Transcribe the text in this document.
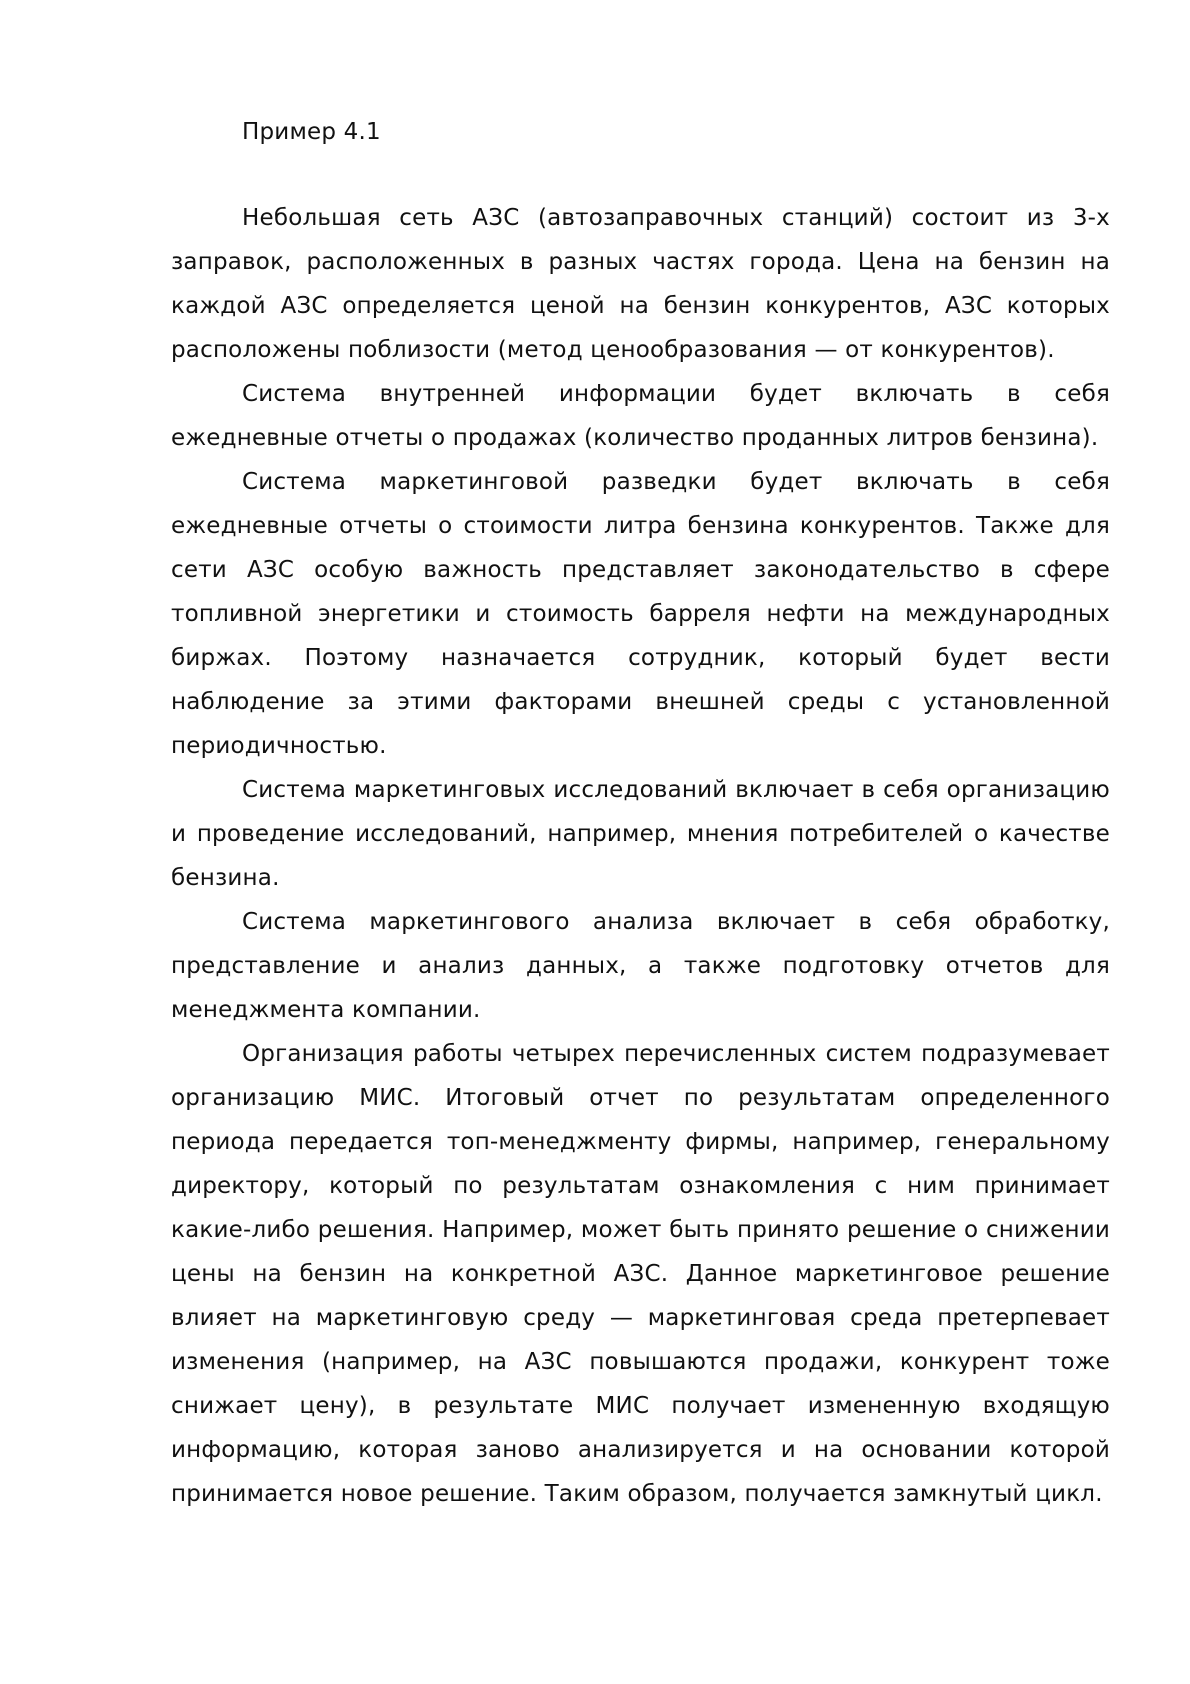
Пример 4.1

Небольшая сеть АЗС (автозаправочных станций) состоит из 3-х заправок, расположенных в разных частях города. Цена на бензин на каждой АЗС определяется ценой на бензин конкурентов, АЗС которых расположены поблизости (метод ценообразования — от конкурентов).

Система внутренней информации будет включать в себя ежедневные отчеты о продажах (количество проданных литров бензина).

Система маркетинговой разведки будет включать в себя ежедневные отчеты о стоимости литра бензина конкурентов. Также для сети АЗС особую важность представляет законодательство в сфере топливной энергетики и стоимость барреля нефти на международных биржах. Поэтому назначается сотрудник, который будет вести наблюдение за этими факторами внешней среды с установленной периодичностью.

Система маркетинговых исследований включает в себя организацию и проведение исследований, например, мнения потребителей о качестве бензина.

Система маркетингового анализа включает в себя обработку, представление и анализ данных, а также подготовку отчетов для менеджмента компании.

Организация работы четырех перечисленных систем подразумевает организацию МИС. Итоговый отчет по результатам определенного периода передается топ-менеджменту фирмы, например, генеральному директору, который по результатам ознакомления с ним принимает какие-либо решения. Например, может быть принято решение о снижении цены на бензин на конкретной АЗС. Данное маркетинговое решение влияет на маркетинговую среду — маркетинговая среда претерпевает изменения (например, на АЗС повышаются продажи, конкурент тоже снижает цену), в результате МИС получает измененную входящую информацию, которая заново анализируется и на основании которой принимается новое решение. Таким образом, получается замкнутый цикл.
